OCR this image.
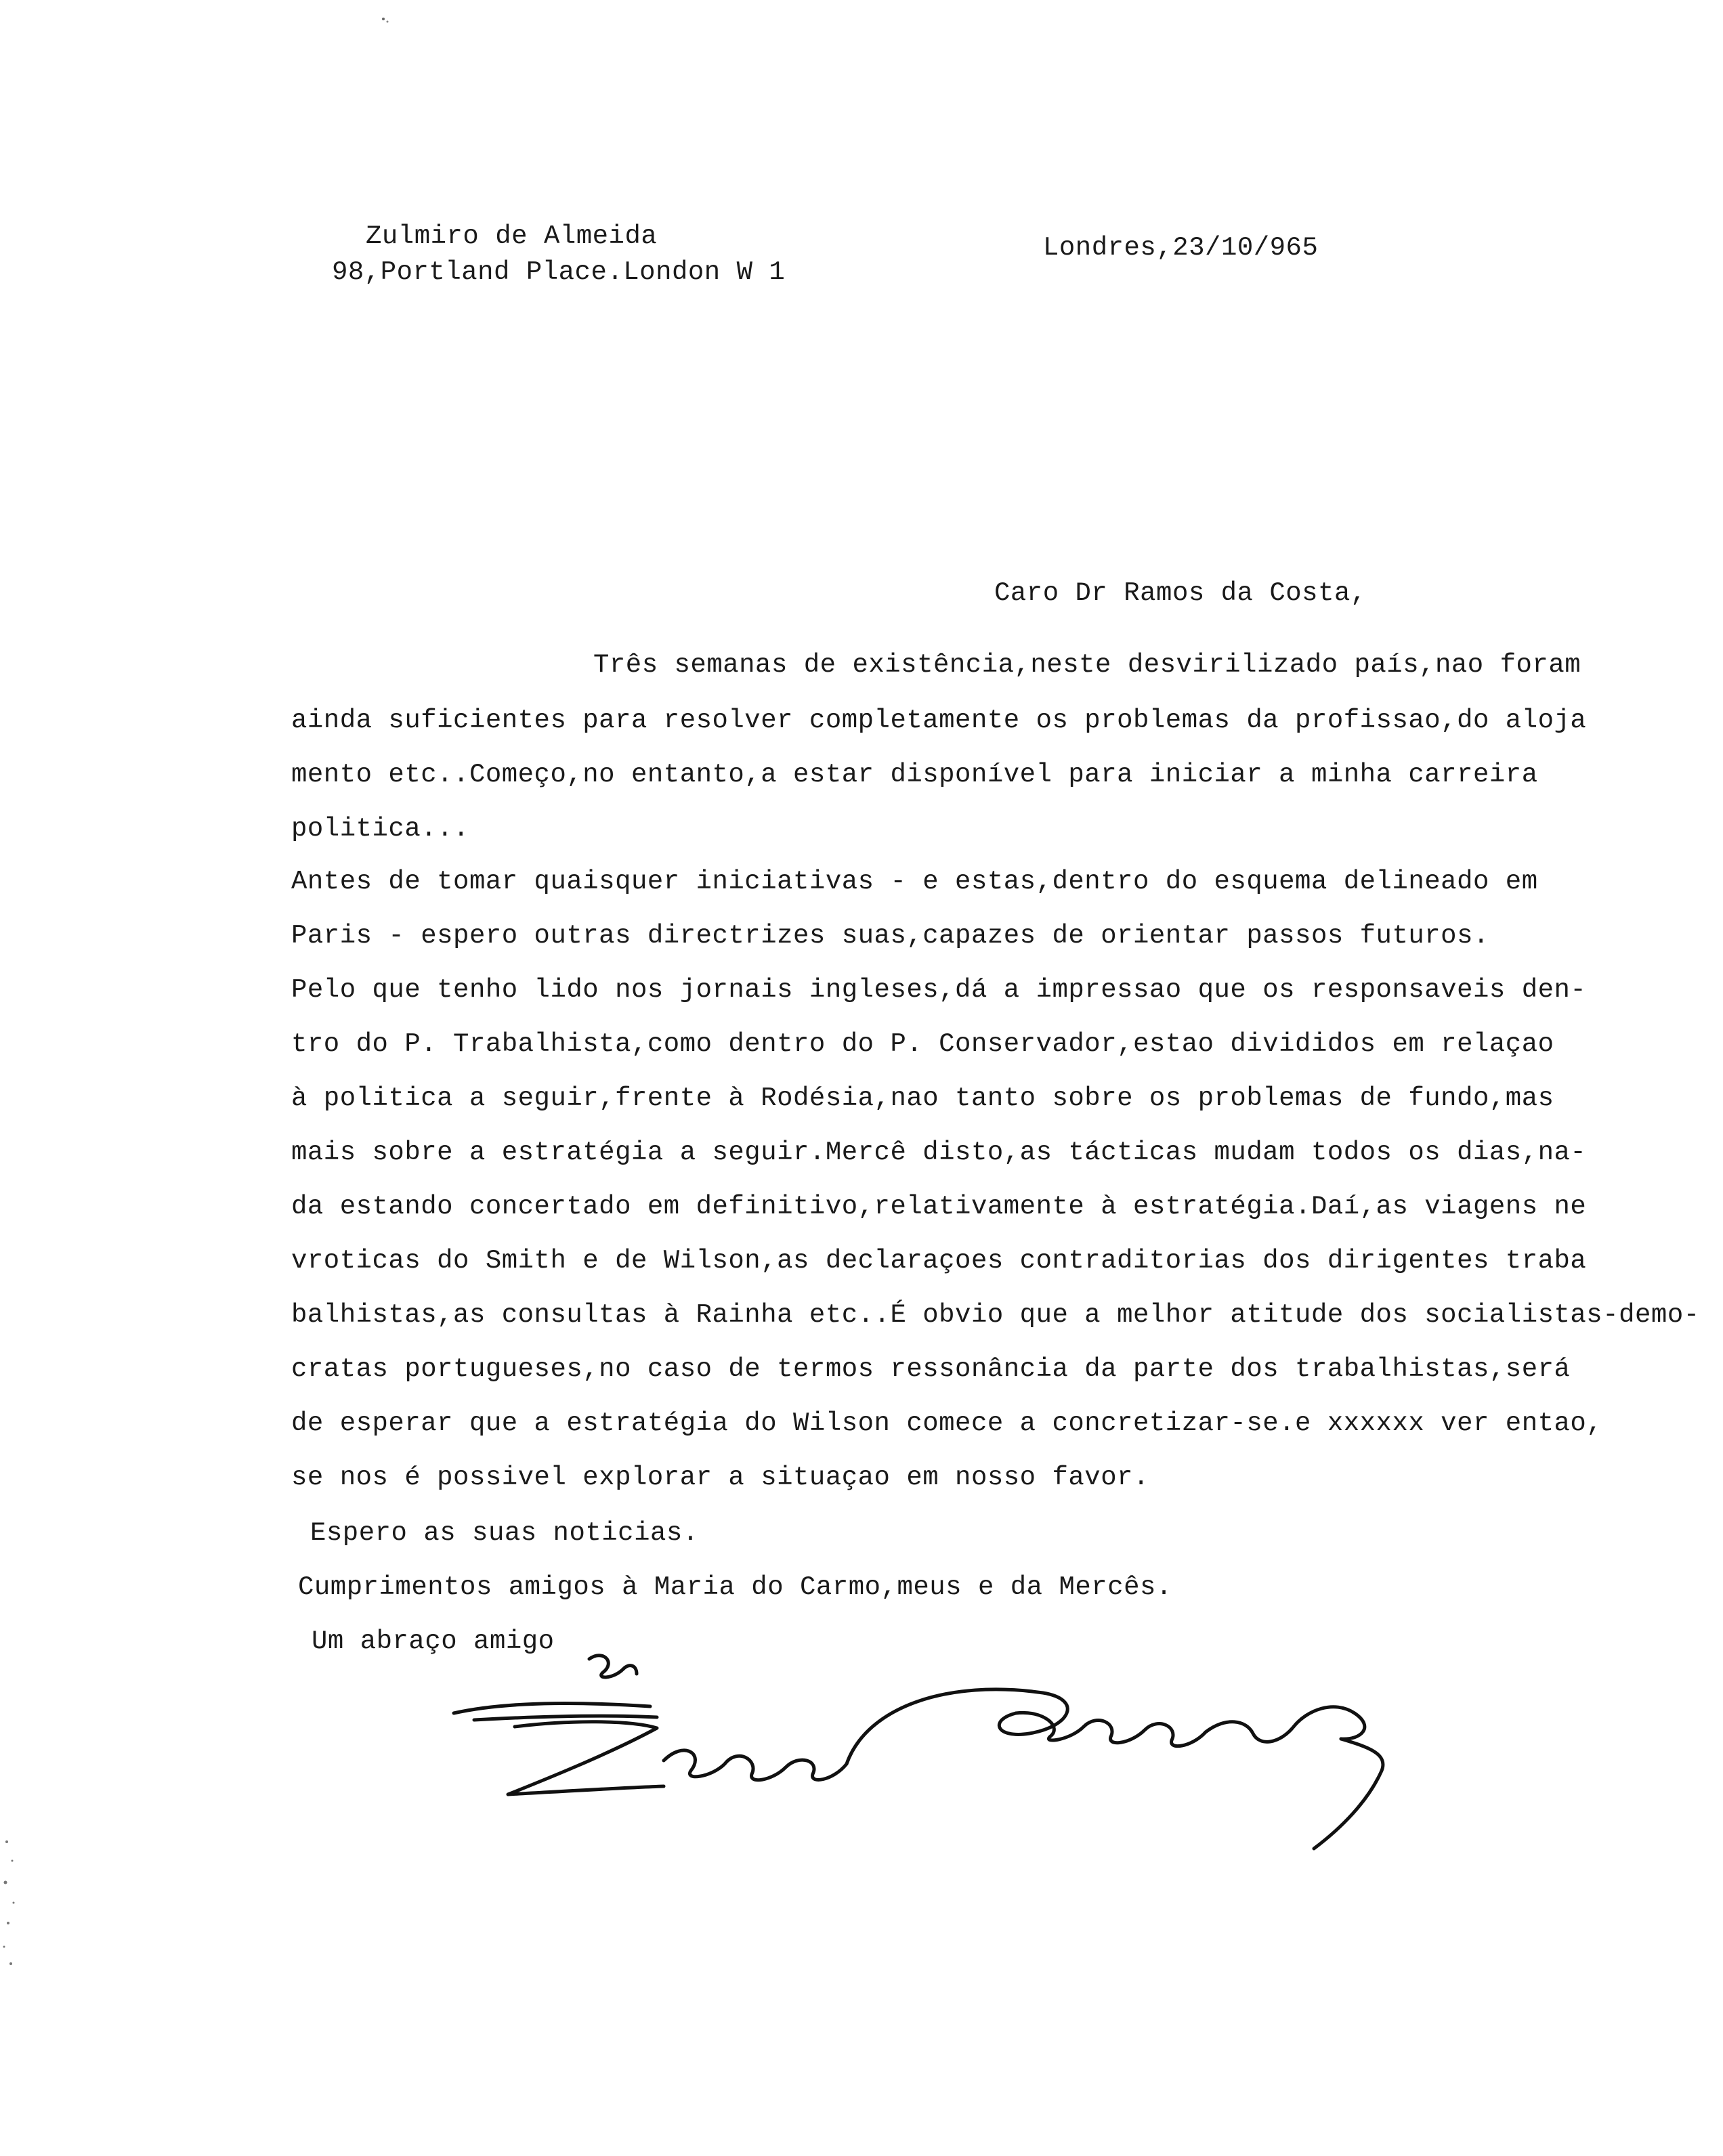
Zulmiro de Almeida
98,Portland Place.London W 1
Londres,23/10/965
Caro Dr Ramos da Costa,
Três semanas de existência,neste desvirilizado país,nao foram
ainda suficientes para resolver completamente os problemas da profissao,do aloja
mento etc..Começo,no entanto,a estar disponível para iniciar a minha carreira
politica...
Antes de tomar quaisquer iniciativas - e estas,dentro do esquema delineado em
Paris - espero outras directrizes suas,capazes de orientar passos futuros.
Pelo que tenho lido nos jornais ingleses,dá a impressao que os responsaveis den-
tro do P. Trabalhista,como dentro do P. Conservador,estao divididos em relaçao
à politica a seguir,frente à Rodésia,nao tanto sobre os problemas de fundo,mas
mais sobre a estratégia a seguir.Mercê disto,as tácticas mudam todos os dias,na-
da estando concertado em definitivo,relativamente à estratégia.Daí,as viagens ne
vroticas do Smith e de Wilson,as declaraçoes contraditorias dos dirigentes traba
balhistas,as consultas à Rainha etc..É obvio que a melhor atitude dos socialistas-demo-
cratas portugueses,no caso de termos ressonância da parte dos trabalhistas,será
de esperar que a estratégia do Wilson comece a concretizar-se.e xxxxxx ver entao,
se nos é possivel explorar a situaçao em nosso favor.
Espero as suas noticias.
Cumprimentos amigos à Maria do Carmo,meus e da Mercês.
Um abraço amigo
